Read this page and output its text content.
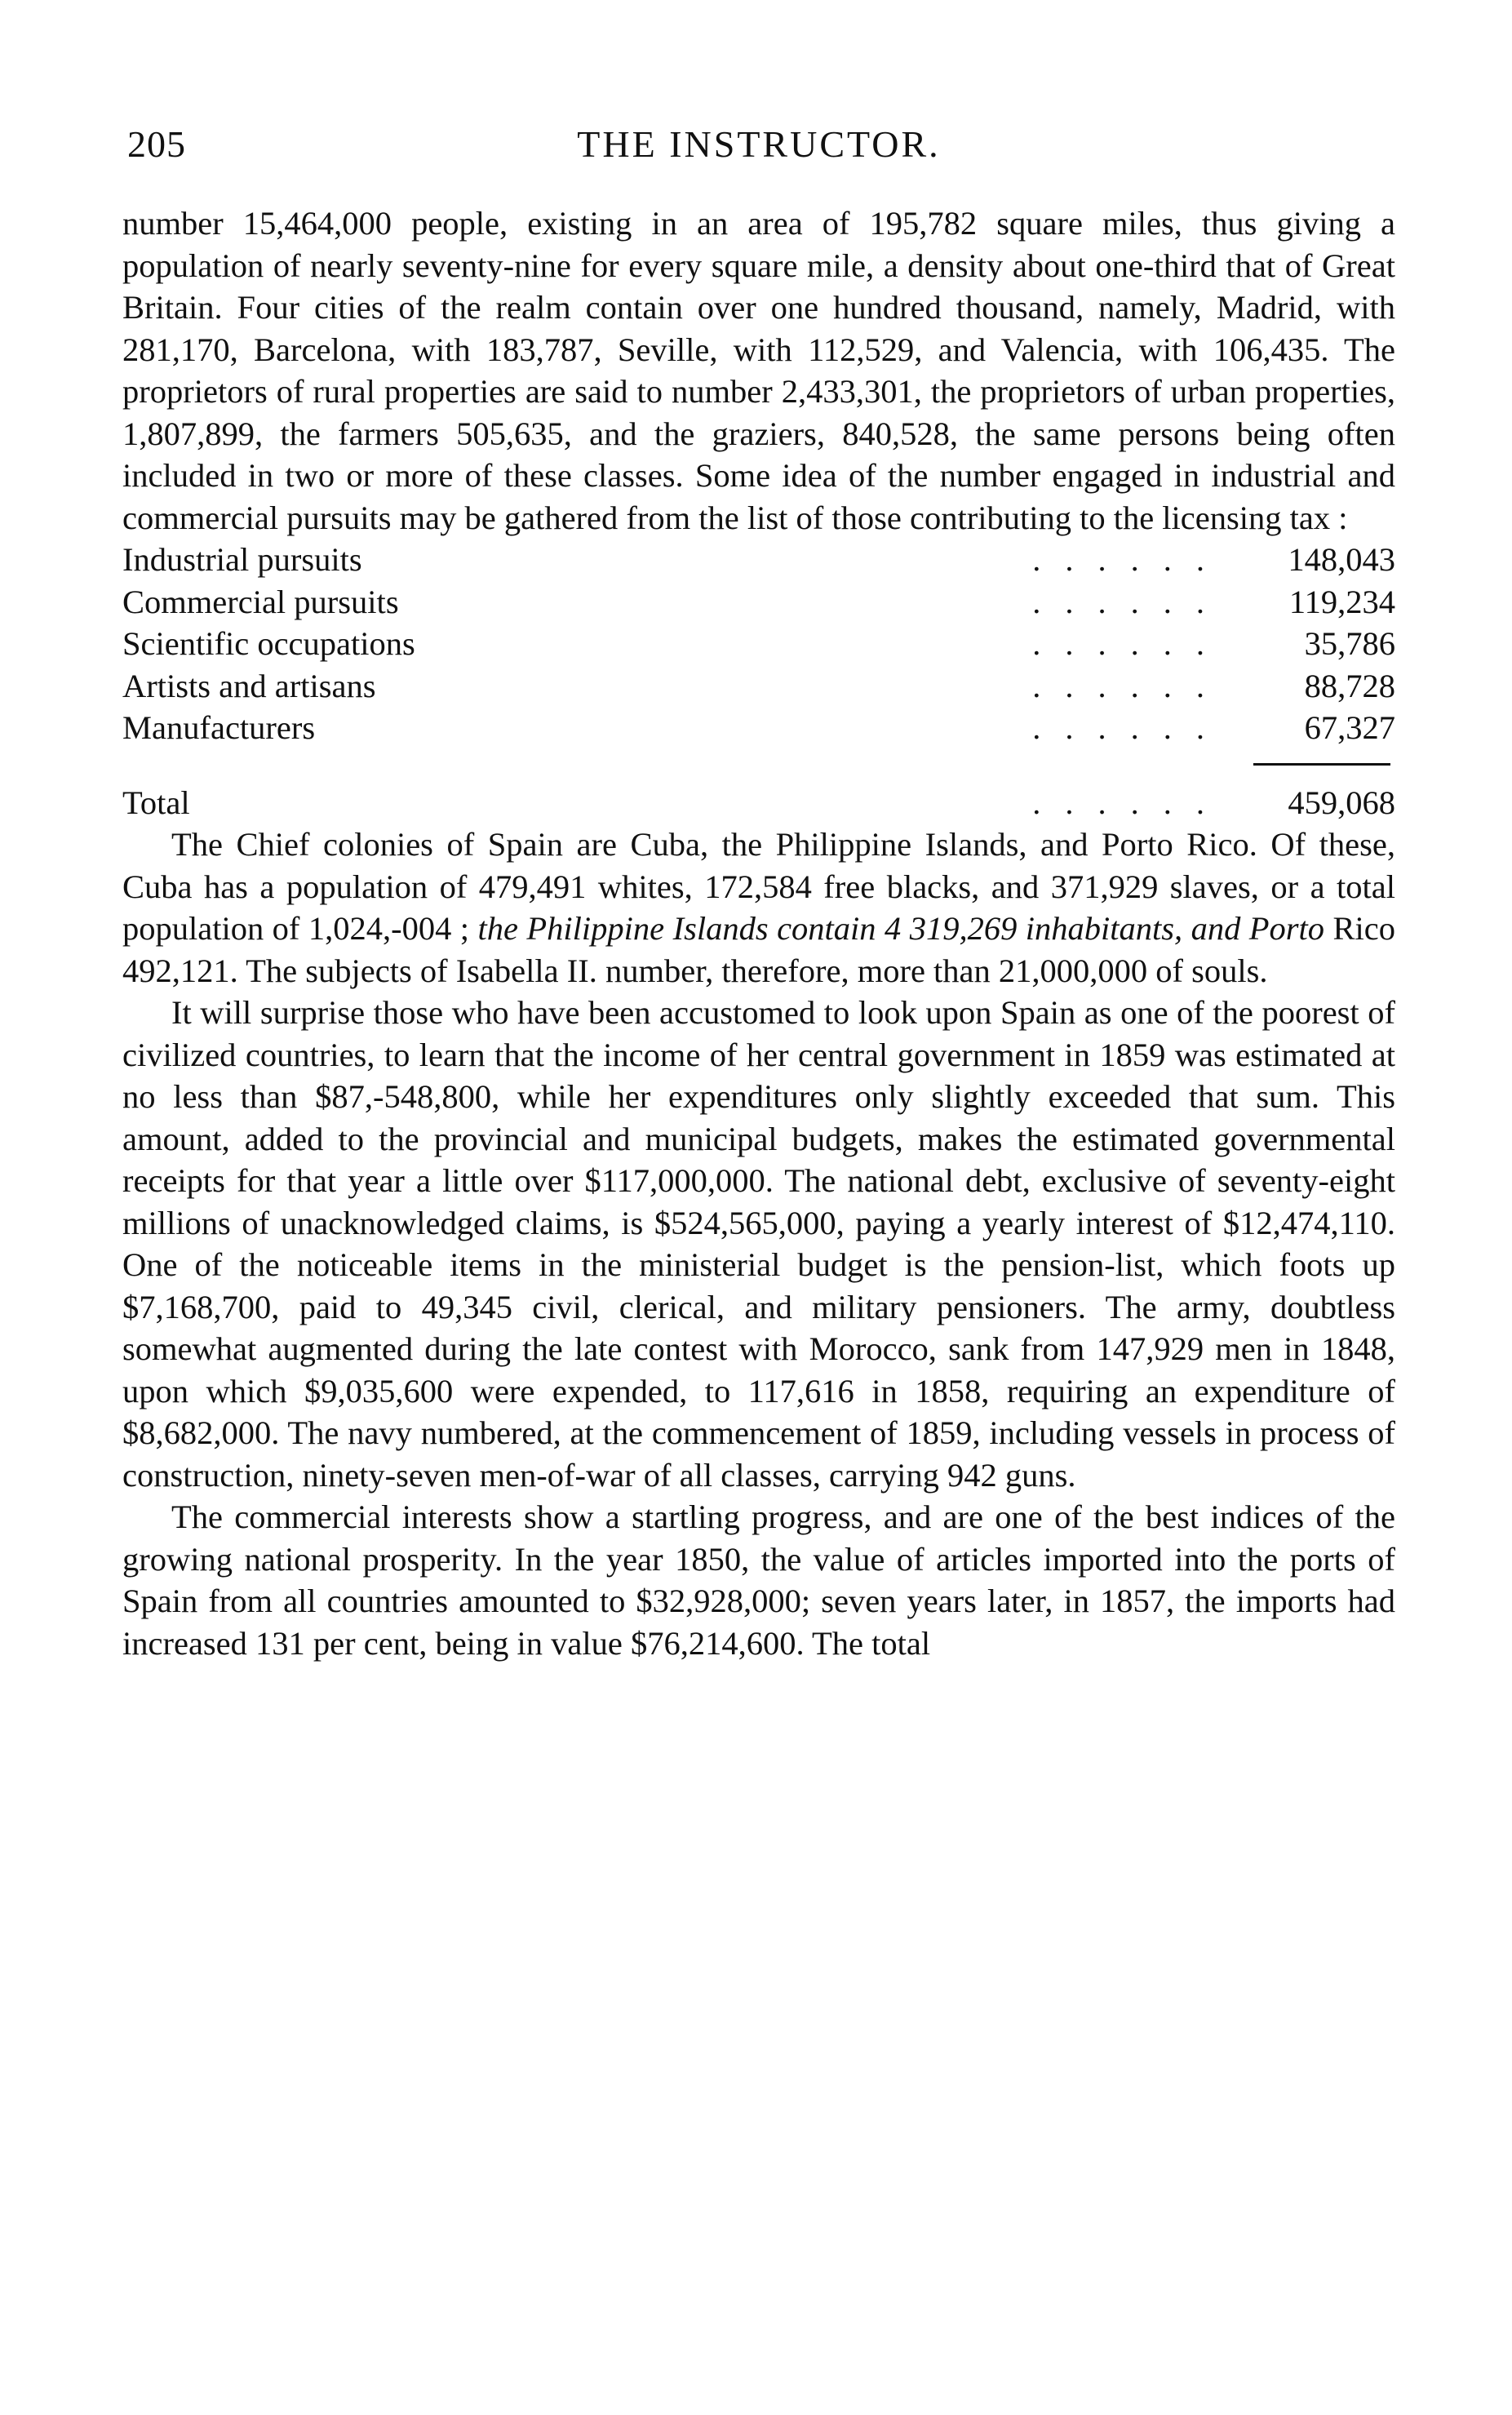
205	THE INSTRUCTOR.

number 15,464,000 people, existing in an area of 195,782 square miles, thus giving a population of nearly seventy-nine for every square mile, a density about one-third that of Great Britain. Four cities of the realm contain over one hundred thousand, namely, Madrid, with 281,170, Barcelona, with 183,787, Seville, with 112,529, and Valencia, with 106,435. The proprietors of rural properties are said to number 2,433,301, the proprietors of urban properties, 1,807,899, the farmers 505,635, and the graziers, 840,528, the same persons being often included in two or more of these classes. Some idea of the number engaged in industrial and commercial pursuits may be gathered from the list of those contributing to the licensing tax :

Industrial pursuits	......	148,043
Commercial pursuits	......	119,234
Scientific occupations	......	35,786
Artists and artisans	......	88,728
Manufacturers	......	67,327
Total	......	459,068

The Chief colonies of Spain are Cuba, the Philippine Islands, and Porto Rico. Of these, Cuba has a population of 479,491 whites, 172,584 free blacks, and 371,929 slaves, or a total population of 1,024,-004 ; the Philippine Islands contain 4 319,269 inhabitants, and Porto Rico 492,121. The subjects of Isabella II. number, therefore, more than 21,000,000 of souls.

It will surprise those who have been accustomed to look upon Spain as one of the poorest of civilized countries, to learn that the income of her central government in 1859 was estimated at no less than $87,-548,800, while her expenditures only slightly exceeded that sum. This amount, added to the provincial and municipal budgets, makes the estimated governmental receipts for that year a little over $117,000,000. The national debt, exclusive of seventy-eight millions of unacknowledged claims, is $524,565,000, paying a yearly interest of $12,474,110. One of the noticeable items in the ministerial budget is the pension-list, which foots up $7,168,700, paid to 49,345 civil, clerical, and military pensioners. The army, doubtless somewhat augmented during the late contest with Morocco, sank from 147,929 men in 1848, upon which $9,035,600 were expended, to 117,616 in 1858, requiring an expenditure of $8,682,000. The navy numbered, at the commencement of 1859, including vessels in process of construction, ninety-seven men-of-war of all classes, carrying 942 guns.

The commercial interests show a startling progress, and are one of the best indices of the growing national prosperity. In the year 1850, the value of articles imported into the ports of Spain from all countries amounted to $32,928,000; seven years later, in 1857, the imports had increased 131 per cent, being in value $76,214,600. The total
